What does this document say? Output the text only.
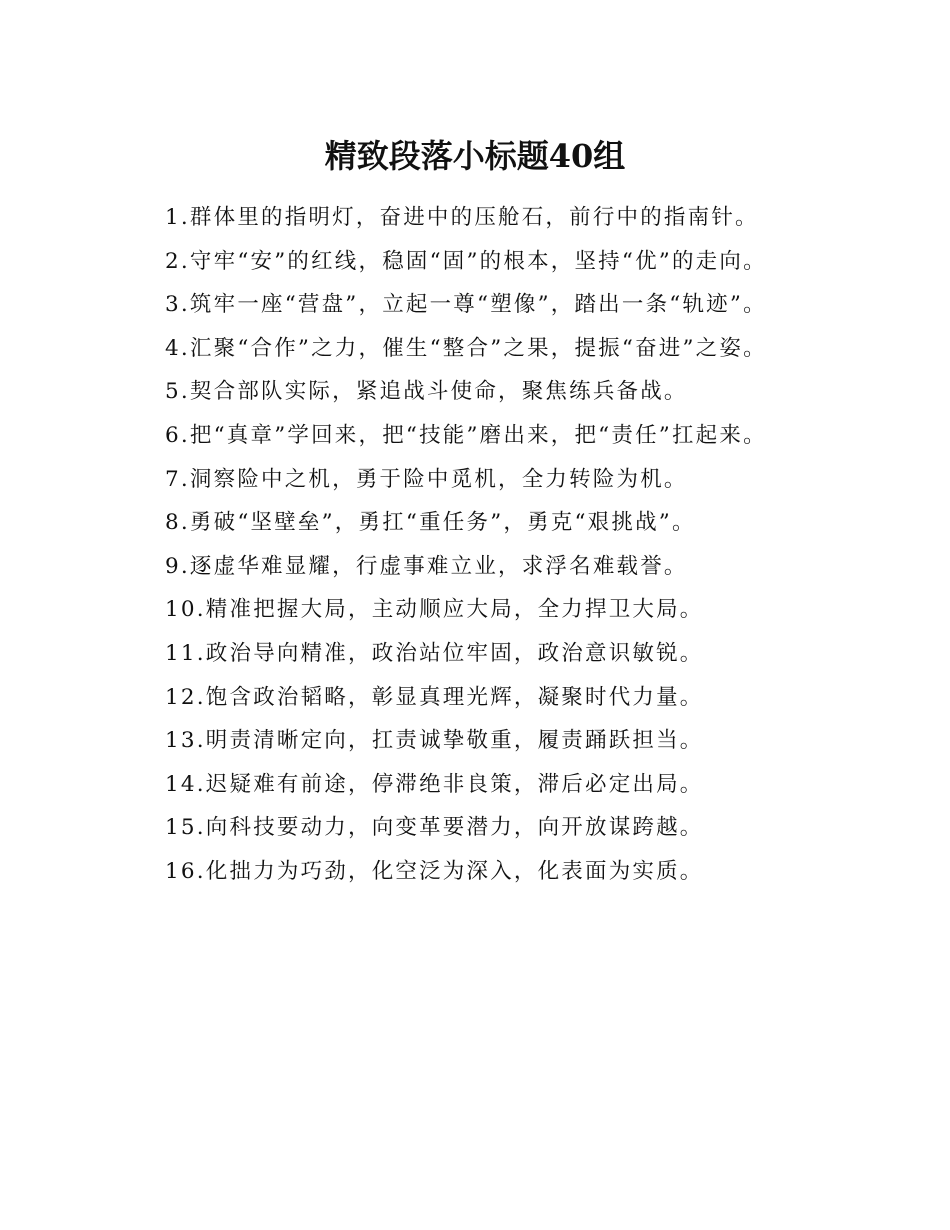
精致段落小标题40组

1.群体里的指明灯，奋进中的压舱石，前行中的指南针。

2.守牢“安”的红线，稳固“固”的根本，坚持“优”的走向。

3.筑牢一座“营盘”，立起一尊“塑像”，踏出一条“轨迹”。

4.汇聚“合作”之力，催生“整合”之果，提振“奋进”之姿。

5.契合部队实际，紧追战斗使命，聚焦练兵备战。

6.把“真章”学回来，把“技能”磨出来，把“责任”扛起来。

7.洞察险中之机，勇于险中觅机，全力转险为机。

8.勇破“坚壁垒”，勇扛“重任务”，勇克“艰挑战”。

9.逐虚华难显耀，行虚事难立业，求浮名难载誉。

10.精准把握大局，主动顺应大局，全力捍卫大局。

11.政治导向精准，政治站位牢固，政治意识敏锐。

12.饱含政治韬略，彰显真理光辉，凝聚时代力量。

13.明责清晰定向，扛责诚挚敬重，履责踊跃担当。

14.迟疑难有前途，停滞绝非良策，滞后必定出局。

15.向科技要动力，向变革要潜力，向开放谋跨越。

16.化拙力为巧劲，化空泛为深入，化表面为实质。
